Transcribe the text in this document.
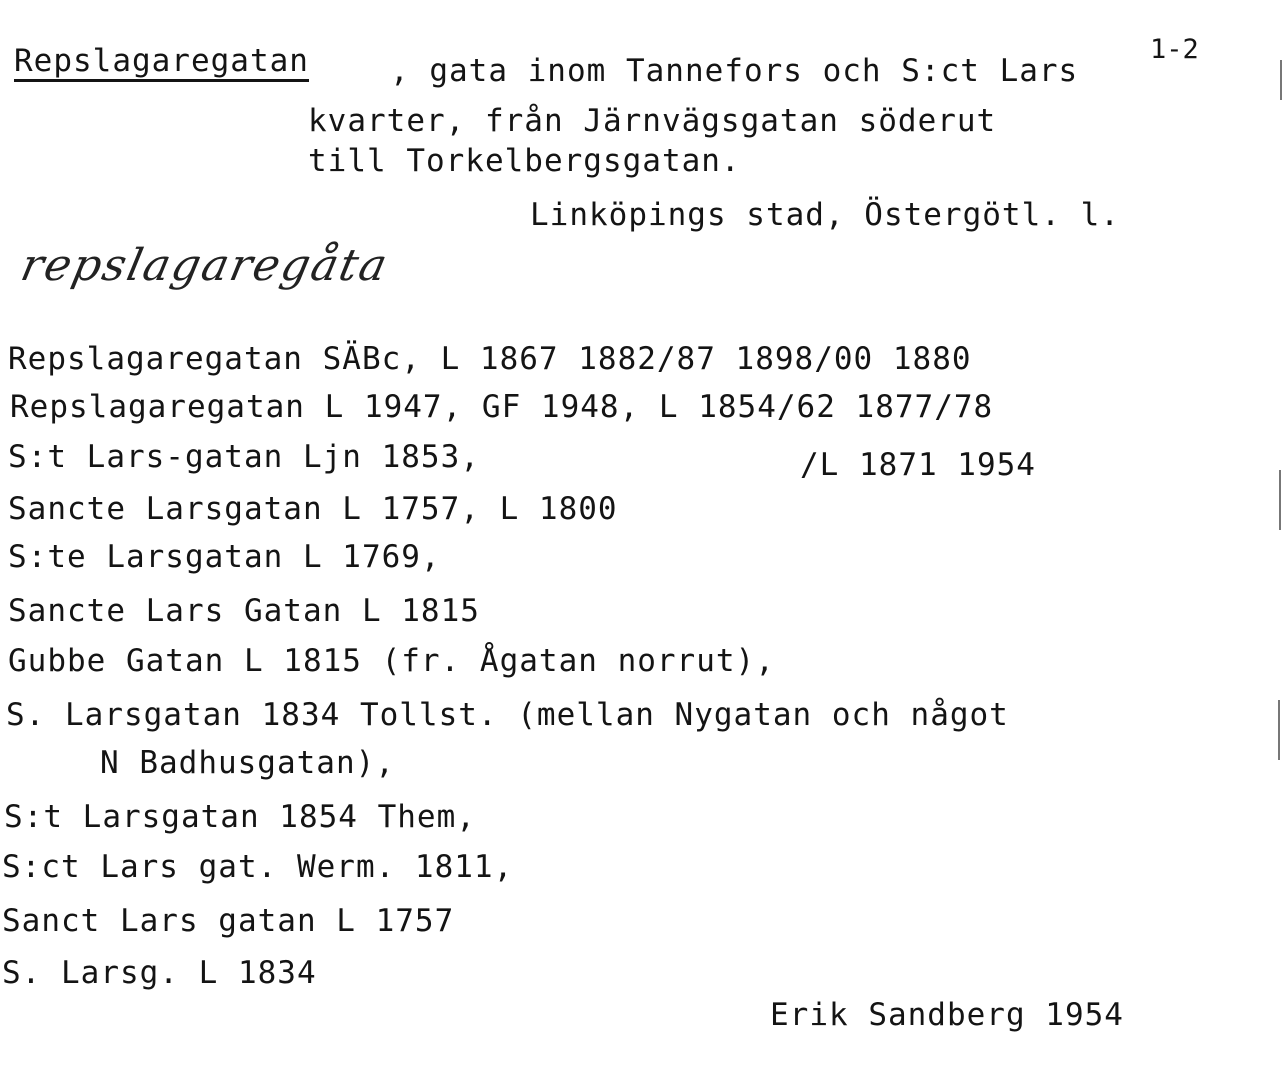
Repslagaregatan	, gata inom Tannefors och S:ct Lars
1-2
kvarter, från Järnvägsgatan söderut
till Torkelbergsgatan.
Linköpings stad, Östergötl. l.
repslagaregåta
Repslagaregatan SÄBc, L 1867 1882/87 1898/00 1880
Repslagaregatan L 1947, GF 1948, L 1854/62 1877/78
S:t Lars-gatan Ljn 1853,	/L 1871 1954
Sancte Larsgatan L 1757, L 1800
S:te Larsgatan L 1769,
Sancte Lars Gatan L 1815
Gubbe Gatan L 1815 (fr. Ågatan norrut),
S. Larsgatan 1834 Tollst. (mellan Nygatan och något
N Badhusgatan),
S:t Larsgatan 1854 Them,
S:ct Lars gat. Werm. 1811,
Sanct Lars gatan L 1757
S. Larsg. L 1834
Erik Sandberg 1954
